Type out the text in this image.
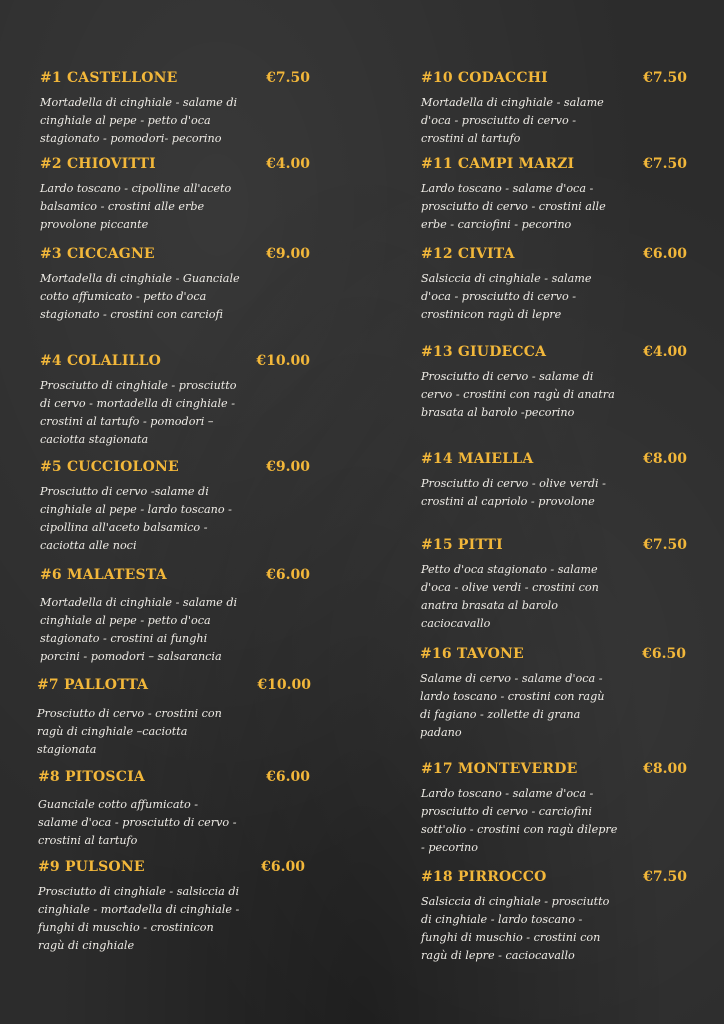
#1 CASTELLONE	€7.50
Mortadella di cinghiale - salame di cinghiale al pepe - petto d'oca stagionato - pomodori- pecorino
#2 CHIOVITTI	€4.00
Lardo toscano - cipolline all'aceto balsamico - crostini alle erbe provolone piccante
#3 CICCAGNE	€9.00
Mortadella di cinghiale - Guanciale cotto affumicato - petto d'oca stagionato - crostini con carciofi
#4 COLALILLO	€10.00
Prosciutto di cinghiale - prosciutto di cervo - mortadella di cinghiale - crostini al tartufo - pomodori –caciotta stagionata
#5 CUCCIOLONE	€9.00
Prosciutto di cervo -salame di cinghiale al pepe - lardo toscano - cipollina all'aceto balsamico - caciotta alle noci
#6 MALATESTA	€6.00
Mortadella di cinghiale - salame di cinghiale al pepe - petto d'oca stagionato - crostini ai funghi porcini - pomodori – salsarancia
#7 PALLOTTA	€10.00
Prosciutto di cervo - crostini con ragù di cinghiale –caciotta stagionata
#8 PITOSCIA	€6.00
Guanciale cotto affumicato - salame d'oca - prosciutto di cervo - crostini al tartufo
#9 PULSONE	€6.00
Prosciutto di cinghiale - salsiccia di cinghiale - mortadella di cinghiale - funghi di muschio - crostinicon ragù di cinghiale
#10 CODACCHI	€7.50
Mortadella di cinghiale - salame d'oca - prosciutto di cervo - crostini al tartufo
#11 CAMPI MARZI	€7.50
Lardo toscano - salame d'oca - prosciutto di cervo - crostini alle erbe - carciofini - pecorino
#12 CIVITA	€6.00
Salsiccia di cinghiale - salame d'oca - prosciutto di cervo - crostinicon ragù di lepre
#13 GIUDECCA	€4.00
Prosciutto di cervo - salame di cervo - crostini con ragù di anatra brasata al barolo -pecorino
#14 MAIELLA	€8.00
Prosciutto di cervo - olive verdi - crostini al capriolo - provolone
#15 PITTI	€7.50
Petto d'oca stagionato - salame d'oca - olive verdi - crostini con anatra brasata al barolo caciocavallo
#16 TAVONE	€6.50
Salame di cervo - salame d'oca - lardo toscano - crostini con ragù di fagiano - zollette di grana padano
#17 MONTEVERDE	€8.00
Lardo toscano - salame d'oca - prosciutto di cervo - carciofini sott'olio - crostini con ragù dilepre - pecorino
#18 PIRROCCO	€7.50
Salsiccia di cinghiale - prosciutto di cinghiale - lardo toscano - funghi di muschio - crostini con ragù di lepre - caciocavallo
